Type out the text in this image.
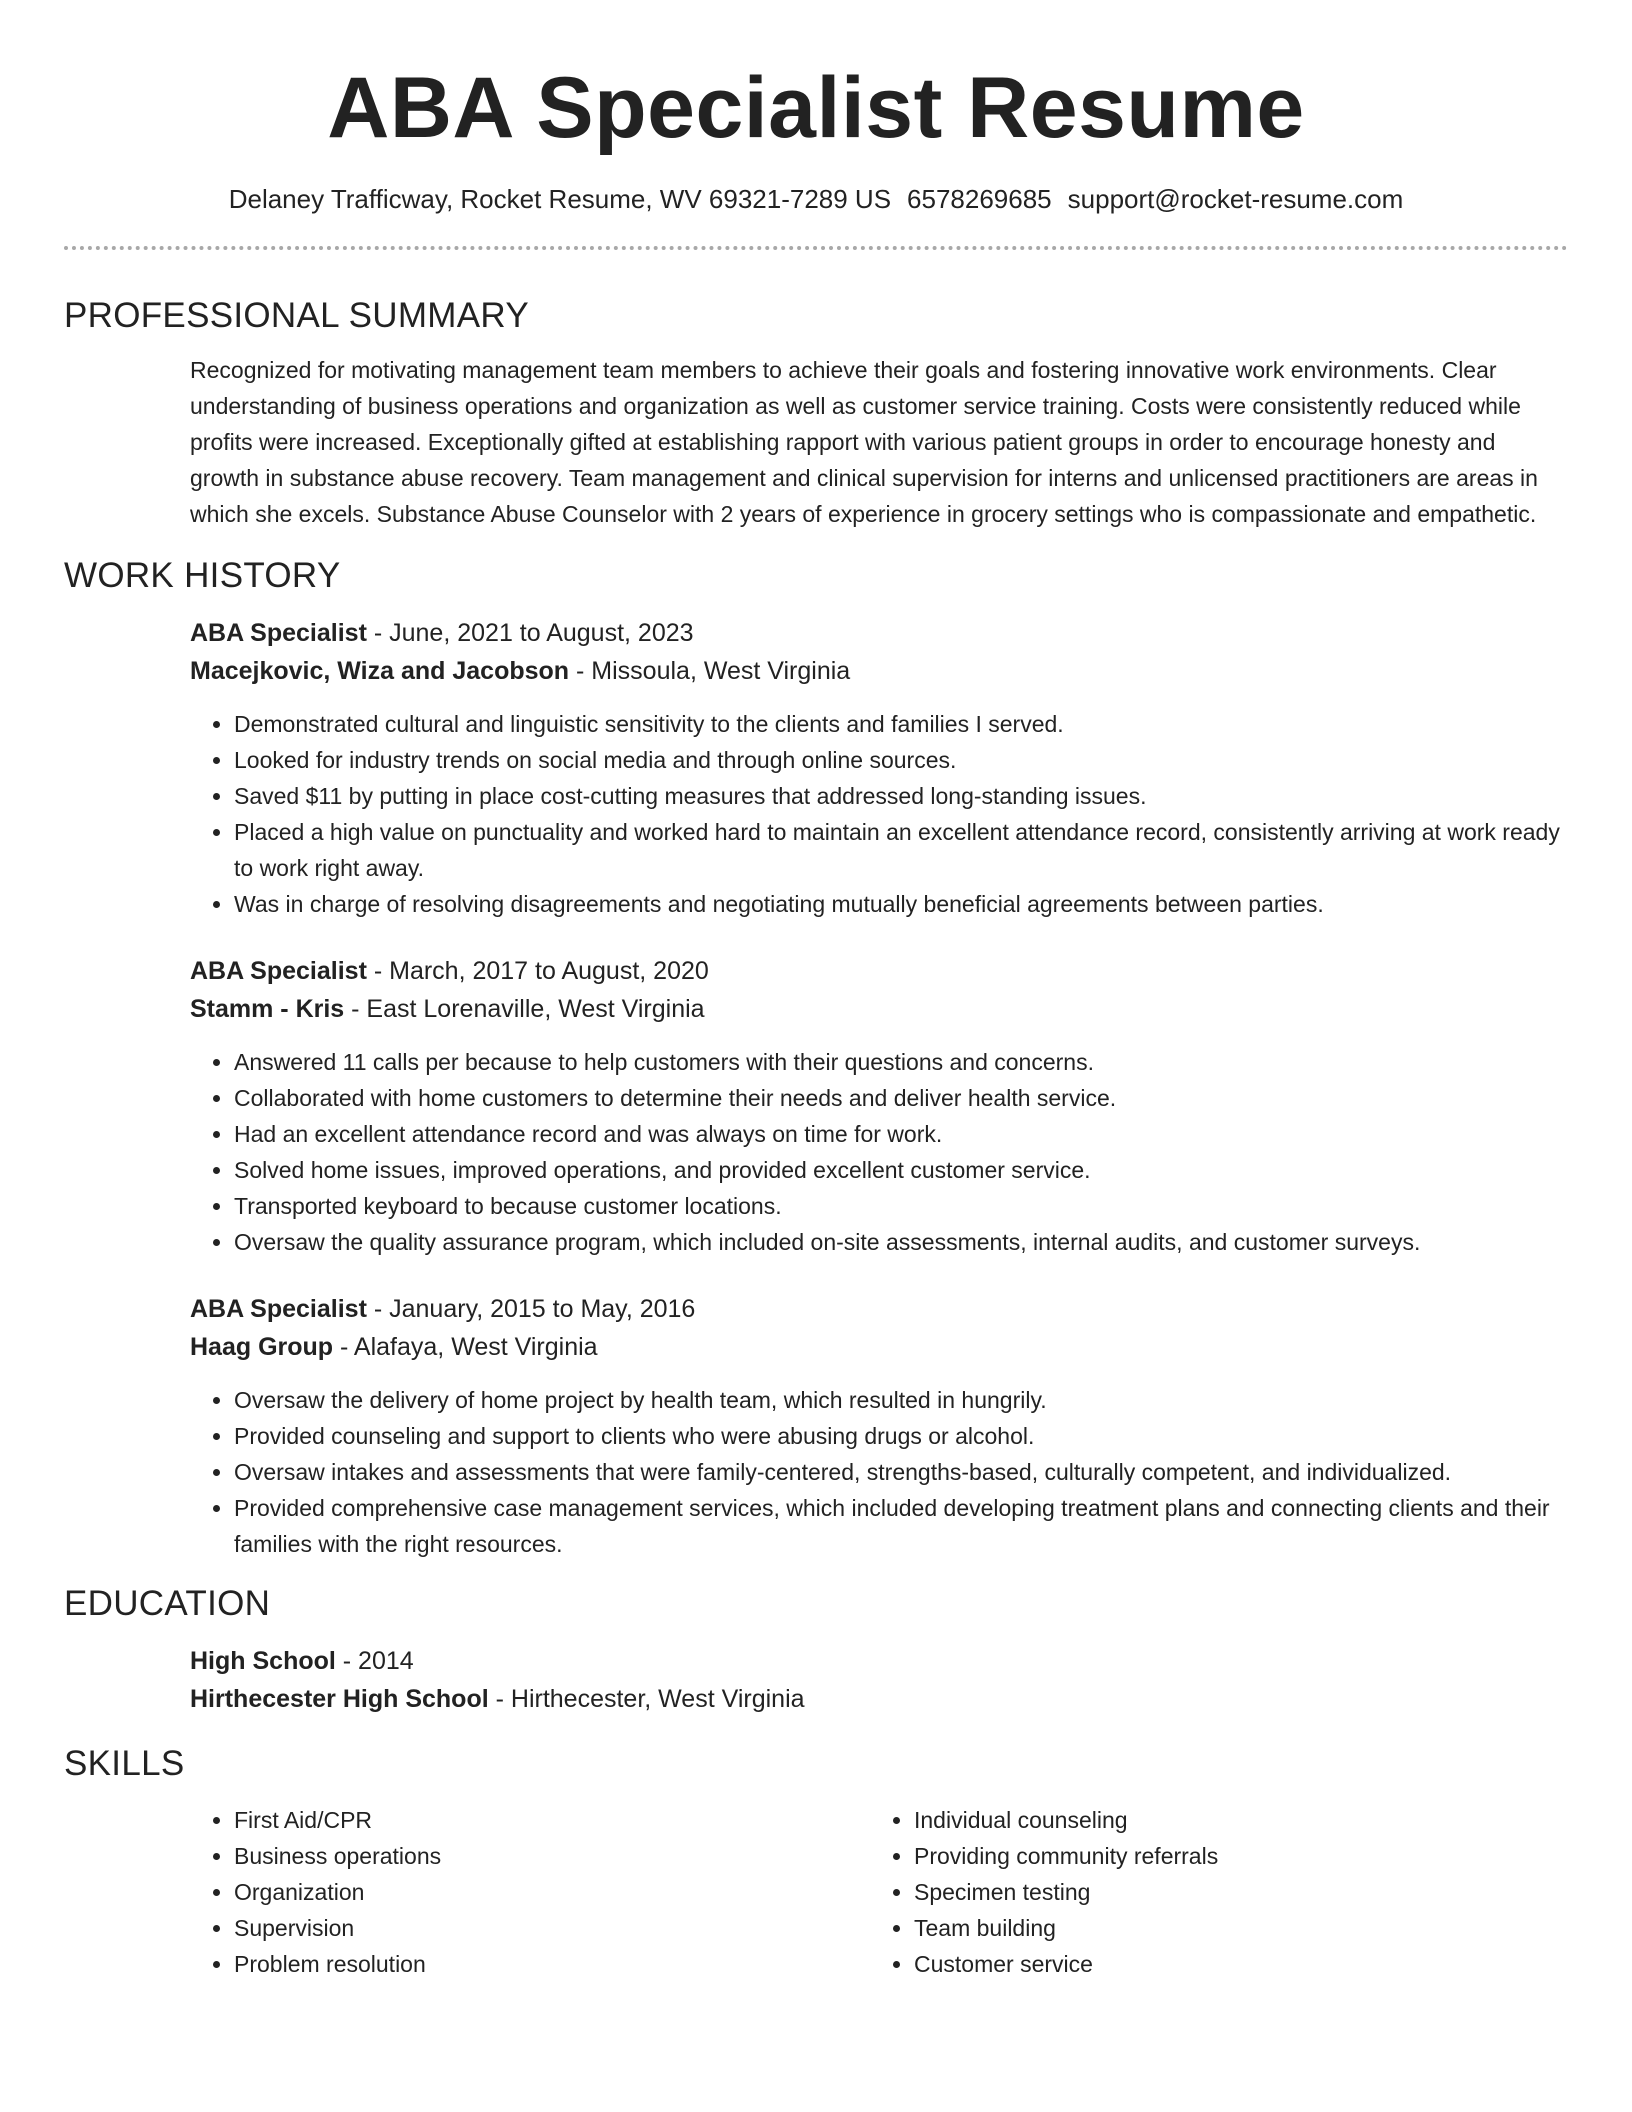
ABA Specialist Resume
Delaney Trafficway, Rocket Resume, WV 69321-7289 US 6578269685 support@rocket-resume.com
PROFESSIONAL SUMMARY

Recognized for motivating management team members to achieve their goals and fostering innovative work environments. Clear understanding of business operations and organization as well as customer service training. Costs were consistently reduced while profits were increased. Exceptionally gifted at establishing rapport with various patient groups in order to encourage honesty and growth in substance abuse recovery. Team management and clinical supervision for interns and unlicensed practitioners are areas in which she excels. Substance Abuse Counselor with 2 years of experience in grocery settings who is compassionate and empathetic.

WORK HISTORY
ABA Specialist - June, 2021 to August, 2023
Macejkovic, Wiza and Jacobson - Missoula, West Virginia
• Demonstrated cultural and linguistic sensitivity to the clients and families I served.
• Looked for industry trends on social media and through online sources.
• Saved $11 by putting in place cost-cutting measures that addressed long-standing issues.
• Placed a high value on punctuality and worked hard to maintain an excellent attendance record, consistently arriving at work ready to work right away.
• Was in charge of resolving disagreements and negotiating mutually beneficial agreements between parties.
ABA Specialist - March, 2017 to August, 2020
Stamm - Kris - East Lorenaville, West Virginia
• Answered 11 calls per because to help customers with their questions and concerns.
• Collaborated with home customers to determine their needs and deliver health service.
• Had an excellent attendance record and was always on time for work.
• Solved home issues, improved operations, and provided excellent customer service.
• Transported keyboard to because customer locations.
• Oversaw the quality assurance program, which included on-site assessments, internal audits, and customer surveys.
ABA Specialist - January, 2015 to May, 2016
Haag Group - Alafaya, West Virginia
• Oversaw the delivery of home project by health team, which resulted in hungrily.
• Provided counseling and support to clients who were abusing drugs or alcohol.
• Oversaw intakes and assessments that were family-centered, strengths-based, culturally competent, and individualized.
• Provided comprehensive case management services, which included developing treatment plans and connecting clients and their families with the right resources.
EDUCATION
High School - 2014
Hirthecester High School - Hirthecester, West Virginia
SKILLS
• First Aid/CPR
• Business operations
• Organization
• Supervision
• Problem resolution
• Individual counseling
• Providing community referrals
• Specimen testing
• Team building
• Customer service
